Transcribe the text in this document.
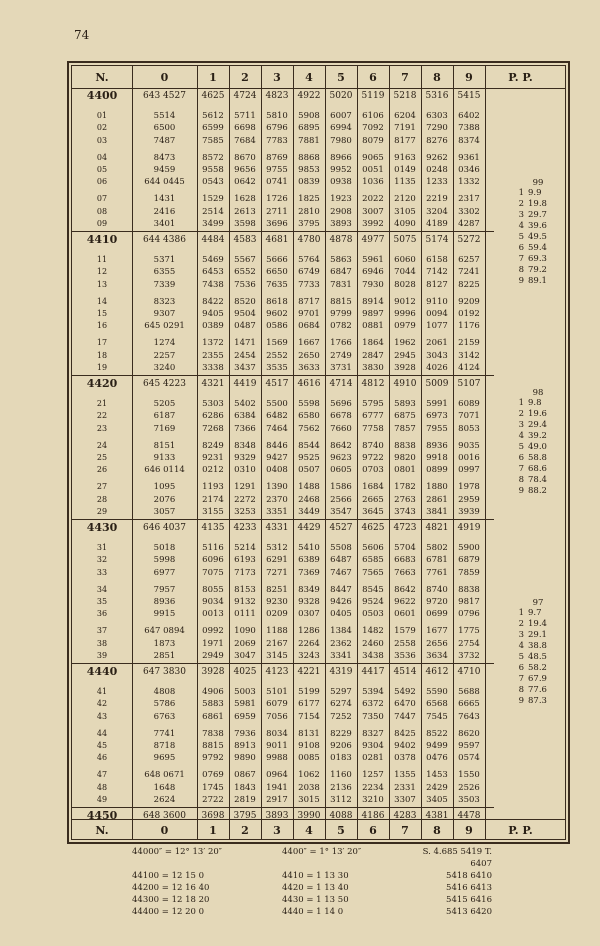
74
N.	0	1	2	3	4	5	6	7	8	9	P. P.
4400	643 4527	4625	4724	4823	4922	5020	5119	5218	5316	5415
01	5514	5612	5711	5810	5908	6007	6106	6204	6303	6402
02	6500	6599	6698	6796	6895	6994	7092	7191	7290	7388
03	7487	7585	7684	7783	7881	7980	8079	8177	8276	8374
04	8473	8572	8670	8769	8868	8966	9065	9163	9262	9361
05	9459	9558	9656	9755	9853	9952	0051	0149	0248	0346
06	644 0445	0543	0642	0741	0839	0938	1036	1135	1233	1332
07	1431	1529	1628	1726	1825	1923	2022	2120	2219	2317
08	2416	2514	2613	2711	2810	2908	3007	3105	3204	3302
09	3401	3499	3598	3696	3795	3893	3992	4090	4189	4287
4410	644 4386	4484	4583	4681	4780	4878	4977	5075	5174	5272
11	5371	5469	5567	5666	5764	5863	5961	6060	6158	6257
12	6355	6453	6552	6650	6749	6847	6946	7044	7142	7241
13	7339	7438	7536	7635	7733	7831	7930	8028	8127	8225
14	8323	8422	8520	8618	8717	8815	8914	9012	9110	9209
15	9307	9405	9504	9602	9701	9799	9897	9996	0094	0192
16	645 0291	0389	0487	0586	0684	0782	0881	0979	1077	1176
17	1274	1372	1471	1569	1667	1766	1864	1962	2061	2159
18	2257	2355	2454	2552	2650	2749	2847	2945	3043	3142
19	3240	3338	3437	3535	3633	3731	3830	3928	4026	4124
4420	645 4223	4321	4419	4517	4616	4714	4812	4910	5009	5107
21	5205	5303	5402	5500	5598	5696	5795	5893	5991	6089
22	6187	6286	6384	6482	6580	6678	6777	6875	6973	7071
23	7169	7268	7366	7464	7562	7660	7758	7857	7955	8053
24	8151	8249	8348	8446	8544	8642	8740	8838	8936	9035
25	9133	9231	9329	9427	9525	9623	9722	9820	9918	0016
26	646 0114	0212	0310	0408	0507	0605	0703	0801	0899	0997
27	1095	1193	1291	1390	1488	1586	1684	1782	1880	1978
28	2076	2174	2272	2370	2468	2566	2665	2763	2861	2959
29	3057	3155	3253	3351	3449	3547	3645	3743	3841	3939
4430	646 4037	4135	4233	4331	4429	4527	4625	4723	4821	4919
31	5018	5116	5214	5312	5410	5508	5606	5704	5802	5900
32	5998	6096	6193	6291	6389	6487	6585	6683	6781	6879
33	6977	7075	7173	7271	7369	7467	7565	7663	7761	7859
34	7957	8055	8153	8251	8349	8447	8545	8642	8740	8838
35	8936	9034	9132	9230	9328	9426	9524	9622	9720	9817
36	9915	0013	0111	0209	0307	0405	0503	0601	0699	0796
37	647 0894	0992	1090	1188	1286	1384	1482	1579	1677	1775
38	1873	1971	2069	2167	2264	2362	2460	2558	2656	2754
39	2851	2949	3047	3145	3243	3341	3438	3536	3634	3732
4440	647 3830	3928	4025	4123	4221	4319	4417	4514	4612	4710
41	4808	4906	5003	5101	5199	5297	5394	5492	5590	5688
42	5786	5883	5981	6079	6177	6274	6372	6470	6568	6665
43	6763	6861	6959	7056	7154	7252	7350	7447	7545	7643
44	7741	7838	7936	8034	8131	8229	8327	8425	8522	8620
45	8718	8815	8913	9011	9108	9206	9304	9402	9499	9597
46	9695	9792	9890	9988	0085	0183	0281	0378	0476	0574
47	648 0671	0769	0867	0964	1062	1160	1257	1355	1453	1550
48	1648	1745	1843	1941	2038	2136	2234	2331	2429	2526
49	2624	2722	2819	2917	3015	3112	3210	3307	3405	3503
4450	648 3600	3698	3795	3893	3990	4088	4186	4283	4381	4478
99
1 9.9
2 19.8
3 29.7
4 39.6
5 49.5
6 59.4
7 69.3
8 79.2
9 89.1
98
1 9.8
2 19.6
3 29.4
4 39.2
5 49.0
6 58.8
7 68.6
8 78.4
9 88.2
97
1 9.7
2 19.4
3 29.1
4 38.8
5 48.5
6 58.2
7 67.9
8 77.6
9 87.3
N.	0	1	2	3	4	5	6	7	8	9	P. P.
44000″ = 12° 13′ 20″	4400″ = 1° 13′ 20″	S. 4.685 5419 T. 6407
44100 = 12 15 0	4410 = 1 13 30	5418 6410
44200 = 12 16 40	4420 = 1 13 40	5416 6413
44300 = 12 18 20	4430 = 1 13 50	5415 6416
44400 = 12 20 0	4440 = 1 14 0	5413 6420
